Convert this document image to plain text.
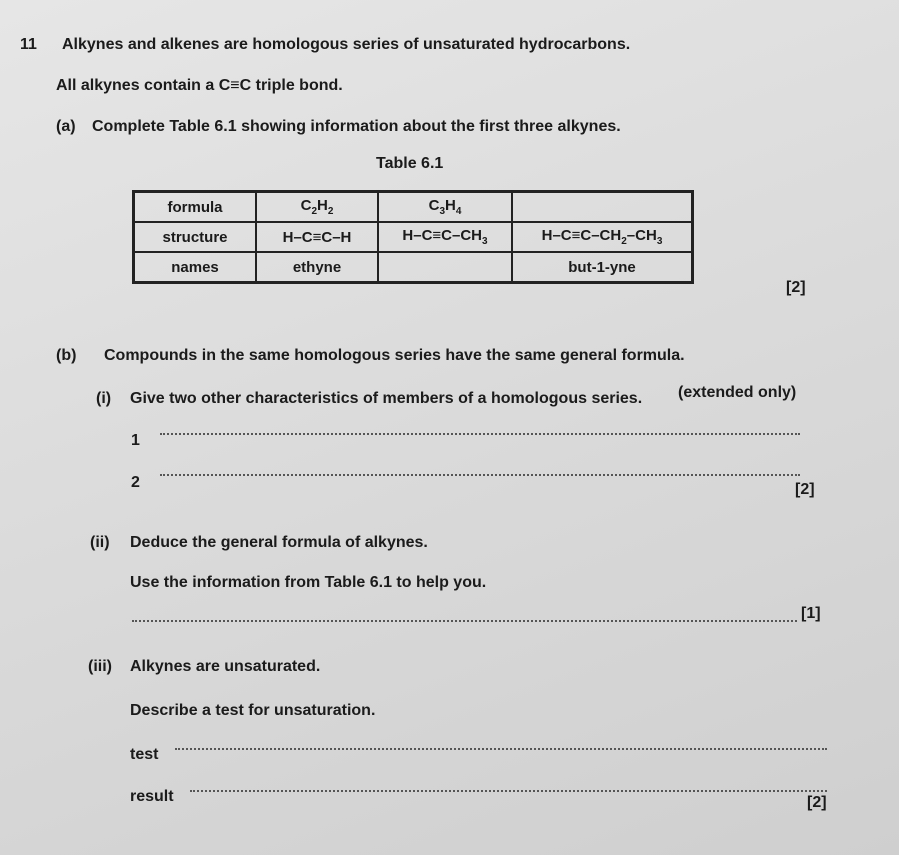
11 Alkynes and alkenes are homologous series of unsaturated hydrocarbons.
All alkynes contain a C≡C triple bond.
(a) Complete Table 6.1 showing information about the first three alkynes.
Table 6.1
formula	$C_2H_2$	$C_3H_4$	
structure	H–C≡C–H	$H-C\equiv C-CH_3$	$H-C\equiv C-CH_2-CH_3$
names	ethyne		but-1-yne
[2]
(b) Compounds in the same homologous series have the same general formula.
(i) Give two other characteristics of members of a homologous series. (extended only)
1
2	[2]
(ii) Deduce the general formula of alkynes.
Use the information from Table 6.1 to help you.
[1]
(iii) Alkynes are unsaturated.
Describe a test for unsaturation.
test
result	[2]
